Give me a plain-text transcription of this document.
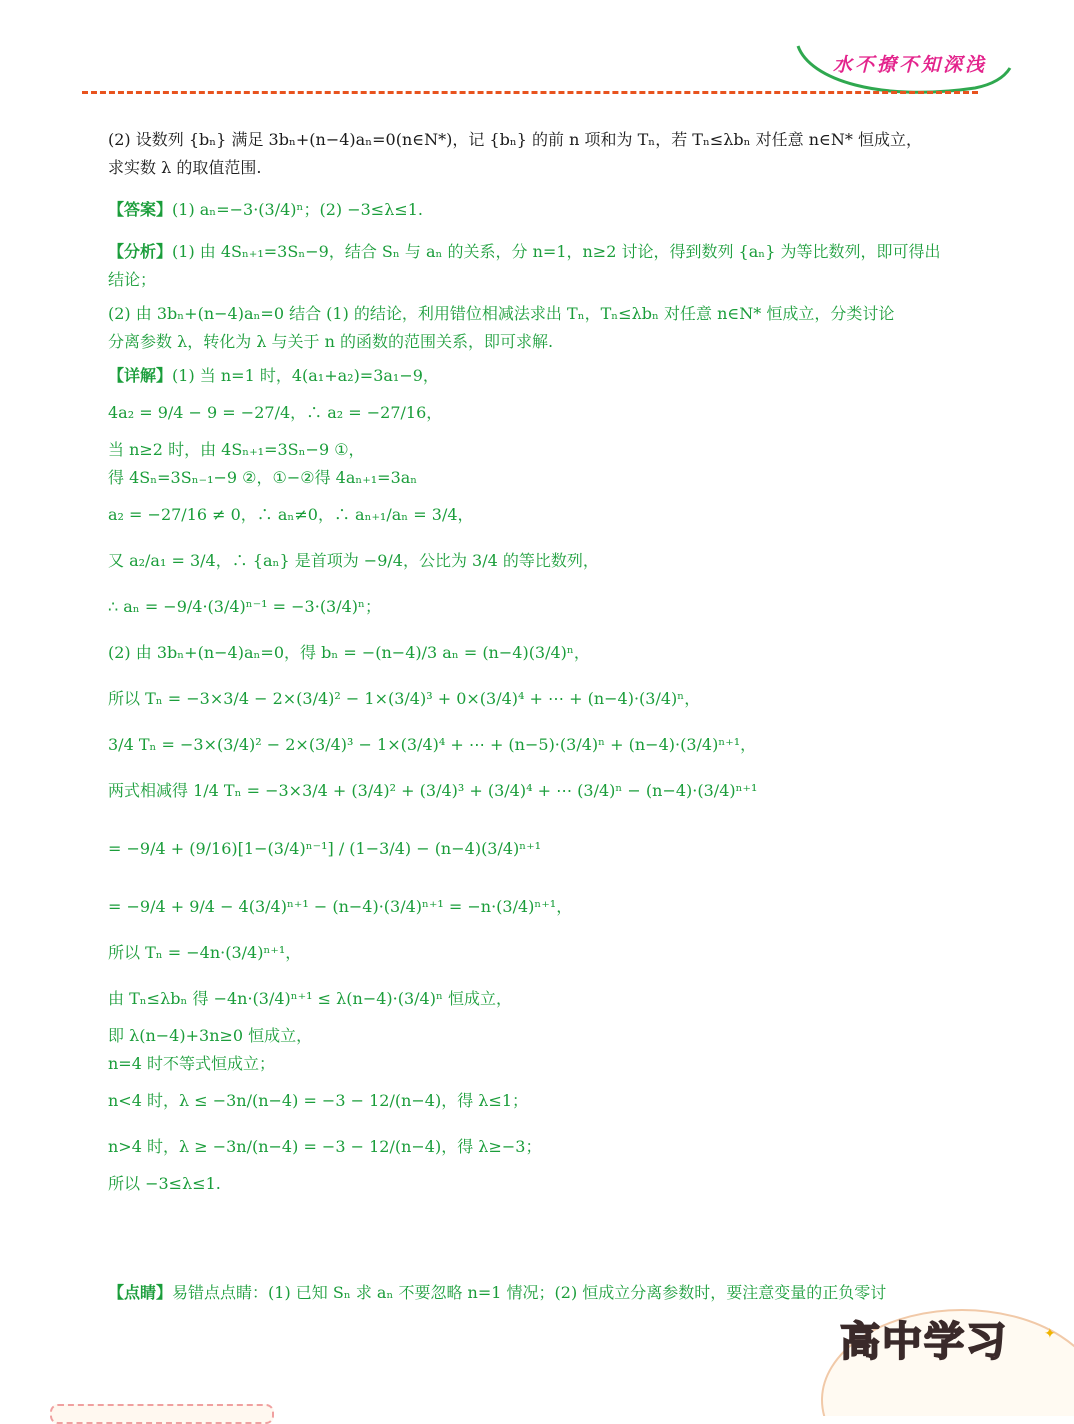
水不撩不知深浅

(2) 设数列 {bₙ} 满足 3bₙ+(n−4)aₙ=0(n∈N*)，记 {bₙ} 的前 n 项和为 Tₙ，若 Tₙ≤λbₙ 对任意 n∈N* 恒成立，

求实数 λ 的取值范围.

【答案】(1) aₙ=−3·(3/4)ⁿ；(2) −3≤λ≤1.

【分析】(1) 由 4Sₙ₊₁=3Sₙ−9，结合 Sₙ 与 aₙ 的关系，分 n=1，n≥2 讨论，得到数列 {aₙ} 为等比数列，即可得出

结论；

(2) 由 3bₙ+(n−4)aₙ=0 结合 (1) 的结论，利用错位相减法求出 Tₙ，Tₙ≤λbₙ 对任意 n∈N* 恒成立，分类讨论

分离参数 λ，转化为 λ 与关于 n 的函数的范围关系，即可求解.

【详解】(1) 当 n=1 时，4(a₁+a₂)=3a₁−9，

4a₂ = 9/4 − 9 = −27/4，∴ a₂ = −27/16，

当 n≥2 时，由 4Sₙ₊₁=3Sₙ−9 ①，

得 4Sₙ=3Sₙ₋₁−9 ②，①−②得 4aₙ₊₁=3aₙ

a₂ = −27/16 ≠ 0，∴ aₙ≠0，∴ aₙ₊₁/aₙ = 3/4，

又 a₂/a₁ = 3/4，∴ {aₙ} 是首项为 −9/4，公比为 3/4 的等比数列，

∴ aₙ = −9/4·(3/4)ⁿ⁻¹ = −3·(3/4)ⁿ；

(2) 由 3bₙ+(n−4)aₙ=0，得 bₙ = −(n−4)/3 aₙ = (n−4)(3/4)ⁿ，

所以 Tₙ = −3×3/4 − 2×(3/4)² − 1×(3/4)³ + 0×(3/4)⁴ + ⋯ + (n−4)·(3/4)ⁿ，

3/4 Tₙ = −3×(3/4)² − 2×(3/4)³ − 1×(3/4)⁴ + ⋯ + (n−5)·(3/4)ⁿ + (n−4)·(3/4)ⁿ⁺¹，

两式相减得 1/4 Tₙ = −3×3/4 + (3/4)² + (3/4)³ + (3/4)⁴ + ⋯ (3/4)ⁿ − (n−4)·(3/4)ⁿ⁺¹

= −9/4 + (9/16)[1−(3/4)ⁿ⁻¹] / (1−3/4) − (n−4)(3/4)ⁿ⁺¹

= −9/4 + 9/4 − 4(3/4)ⁿ⁺¹ − (n−4)·(3/4)ⁿ⁺¹ = −n·(3/4)ⁿ⁺¹，

所以 Tₙ = −4n·(3/4)ⁿ⁺¹，

由 Tₙ≤λbₙ 得 −4n·(3/4)ⁿ⁺¹ ≤ λ(n−4)·(3/4)ⁿ 恒成立，

即 λ(n−4)+3n≥0 恒成立，

n=4 时不等式恒成立；

n<4 时，λ ≤ −3n/(n−4) = −3 − 12/(n−4)，得 λ≤1；

n>4 时，λ ≥ −3n/(n−4) = −3 − 12/(n−4)，得 λ≥−3；

所以 −3≤λ≤1.

【点睛】易错点点睛：(1) 已知 Sₙ 求 aₙ 不要忽略 n=1 情况；(2) 恒成立分离参数时，要注意变量的正负零讨
✦
高中学习
